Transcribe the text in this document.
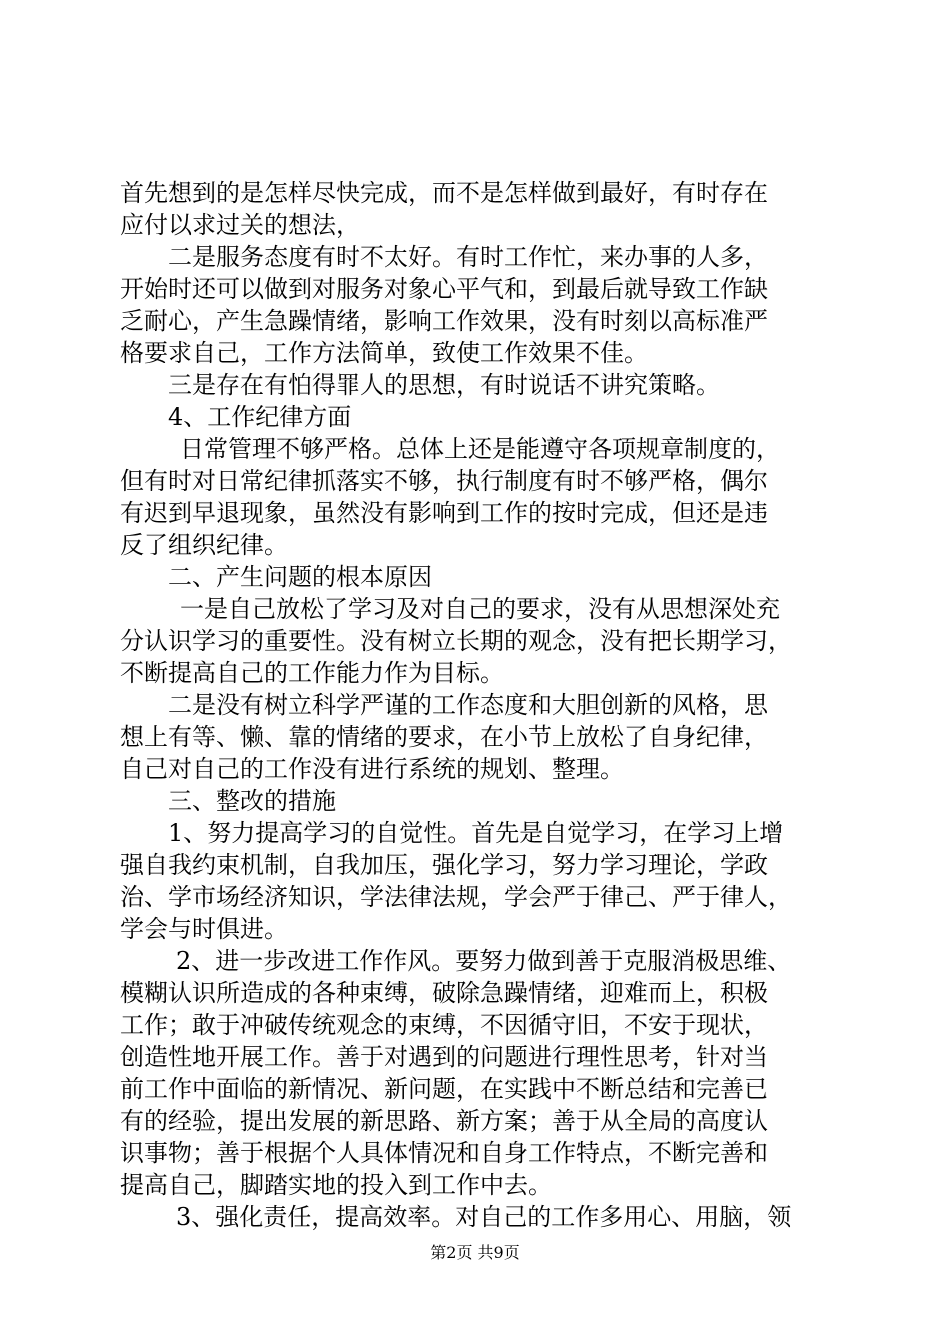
首先想到的是怎样尽快完成，而不是怎样做到最好，有时存在
应付以求过关的想法，
二是服务态度有时不太好。有时工作忙，来办事的人多，
开始时还可以做到对服务对象心平气和，到最后就导致工作缺
乏耐心，产生急躁情绪，影响工作效果，没有时刻以高标准严
格要求自己，工作方法简单，致使工作效果不佳。
三是存在有怕得罪人的思想，有时说话不讲究策略。
4、工作纪律方面
日常管理不够严格。总体上还是能遵守各项规章制度的，
但有时对日常纪律抓落实不够，执行制度有时不够严格，偶尔
有迟到早退现象，虽然没有影响到工作的按时完成，但还是违
反了组织纪律。
二、产生问题的根本原因
一是自己放松了学习及对自己的要求，没有从思想深处充
分认识学习的重要性。没有树立长期的观念，没有把长期学习，
不断提高自己的工作能力作为目标。
二是没有树立科学严谨的工作态度和大胆创新的风格，思
想上有等、懒、靠的情绪的要求，在小节上放松了自身纪律，
自己对自己的工作没有进行系统的规划、整理。
三、整改的措施
1、努力提高学习的自觉性。首先是自觉学习，在学习上增
强自我约束机制，自我加压，强化学习，努力学习理论，学政
治、学市场经济知识，学法律法规，学会严于律己、严于律人，
学会与时俱进。
2、进一步改进工作作风。要努力做到善于克服消极思维、
模糊认识所造成的各种束缚，破除急躁情绪，迎难而上，积极
工作；敢于冲破传统观念的束缚，不因循守旧，不安于现状，
创造性地开展工作。善于对遇到的问题进行理性思考，针对当
前工作中面临的新情况、新问题，在实践中不断总结和完善已
有的经验，提出发展的新思路、新方案；善于从全局的高度认
识事物；善于根据个人具体情况和自身工作特点，不断完善和
提高自己，脚踏实地的投入到工作中去。
3、强化责任，提高效率。对自己的工作多用心、用脑，领
第2页 共9页
